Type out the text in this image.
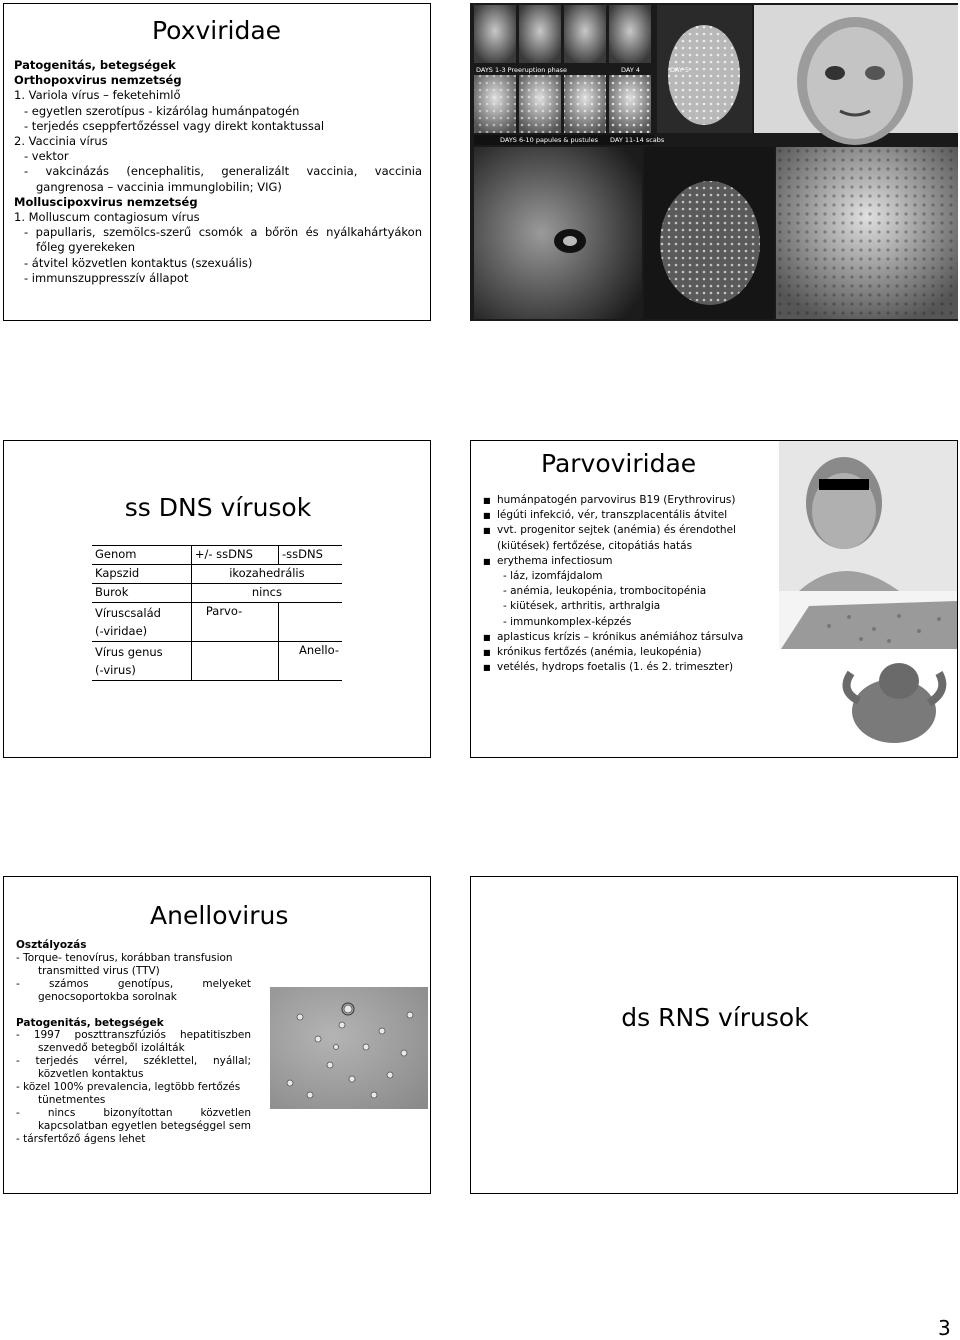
Poxviridae
Patogenitás, betegségek
Orthopoxvirus nemzetség
1. Variola vírus – feketehimlő
- egyetlen szerotípus - kizárólag humánpatogén
- terjedés cseppfertőzéssel vagy direkt kontaktussal
2. Vaccinia vírus
- vektor
- vakcinázás (encephalitis, generalizált vaccinia, vaccinia
gangrenosa – vaccinia immunglobilin; VIG)
Molluscipoxvirus nemzetség
1. Molluscum contagiosum vírus
- papullaris, szemölcs-szerű csomók a bőrön és nyálkahártyákon
főleg gyerekeken
- átvitel közvetlen kontaktus (szexuális)
- immunszuppresszív állapot
DAYS 1-3 Preeruption phase	DAY 4	DAY 5
DAYS 6-10 papules & pustules DAY 11-14 scabs
ss DNS vírusok
Genom	+/- ssDNS	-ssDNS
Kapszid	ikozahedrális	
Burok	nincs	

Víruscsalád
(-viridae)	Parvo-	

Vírus genus
(-virus)		Anello-
Parvoviridae
■ humánpatogén parvovirus B19 (Erythrovirus)
■ légúti infekció, vér, transzplacentális átvitel
■ vvt. progenitor sejtek (anémia) és érendothel
(kiütések) fertőzése, citopátiás hatás
■ erythema infectiosum
- láz, izomfájdalom
- anémia, leukopénia, trombocitopénia
- kiütések, arthritis, arthralgia
- immunkomplex-képzés
■ aplasticus krízis – krónikus anémiához társulva
■ krónikus fertőzés (anémia, leukopénia)
■ vetélés, hydrops foetalis (1. és 2. trimeszter)
Anellovirus
Osztályozás
- Torque- tenovírus, korábban transfusion
transmitted virus (TTV)
- számos genotípus, melyeket
genocsoportokba sorolnak
Patogenitás, betegségek
- 1997 poszttranszfúziós hepatitiszben
szenvedő betegből izolálták
- terjedés vérrel, széklettel, nyállal;
közvetlen kontaktus
- közel 100% prevalencia, legtöbb fertőzés
tünetmentes
- nincs bizonyítottan közvetlen
kapcsolatban egyetlen betegséggel sem
- társfertőző ágens lehet
ds RNS vírusok
3
